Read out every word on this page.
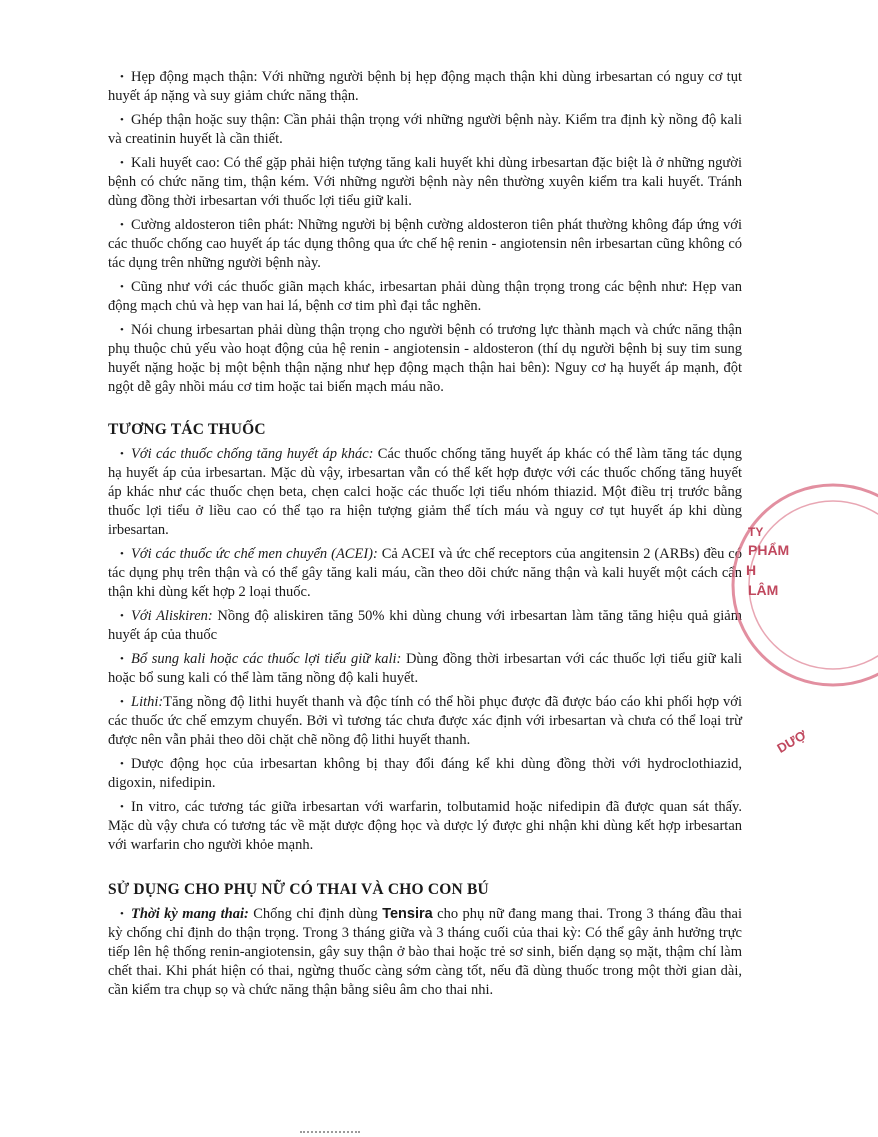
• Hẹp động mạch thận: Với những người bệnh bị hẹp động mạch thận khi dùng irbesartan có nguy cơ tụt huyết áp nặng và suy giảm chức năng thận.

• Ghép thận hoặc suy thận: Cần phải thận trọng với những người bệnh này. Kiểm tra định kỳ nồng độ kali và creatinin huyết là cần thiết.

• Kali huyết cao: Có thể gặp phải hiện tượng tăng kali huyết khi dùng irbesartan đặc biệt là ở những người bệnh có chức năng tim, thận kém. Với những người bệnh này nên thường xuyên kiểm tra kali huyết. Tránh dùng đồng thời irbesartan với thuốc lợi tiểu giữ kali.

• Cường aldosteron tiên phát: Những người bị bệnh cường aldosteron tiên phát thường không đáp ứng với các thuốc chống cao huyết áp tác dụng thông qua ức chế hệ renin - angiotensin nên irbesartan cũng không có tác dụng trên những người bệnh này.

• Cũng như với các thuốc giãn mạch khác, irbesartan phải dùng thận trọng trong các bệnh như: Hẹp van động mạch chủ và hẹp van hai lá, bệnh cơ tim phì đại tắc nghẽn.

• Nói chung irbesartan phải dùng thận trọng cho người bệnh có trương lực thành mạch và chức năng thận phụ thuộc chủ yếu vào hoạt động của hệ renin - angiotensin - aldosteron (thí dụ người bệnh bị suy tim sung huyết nặng hoặc bị một bệnh thận nặng như hẹp động mạch thận hai bên): Nguy cơ hạ huyết áp mạnh, đột ngột dễ gây nhồi máu cơ tim hoặc tai biến mạch máu não.

TƯƠNG TÁC THUỐC

• Với các thuốc chống tăng huyết áp khác: Các thuốc chống tăng huyết áp khác có thể làm tăng tác dụng hạ huyết áp của irbesartan. Mặc dù vậy, irbesartan vẫn có thể kết hợp được với các thuốc chống tăng huyết áp khác như các thuốc chẹn beta, chẹn calci hoặc các thuốc lợi tiểu nhóm thiazid. Một điều trị trước bằng thuốc lợi tiểu ở liều cao có thể tạo ra hiện tượng giảm thể tích máu và nguy cơ tụt huyết áp khi dùng irbesartan.

• Với các thuốc ức chế men chuyển (ACEI): Cả ACEI và ức chế receptors của angitensin 2 (ARBs) đều có tác dụng phụ trên thận và có thể gây tăng kali máu, cần theo dõi chức năng thận và kali huyết một cách cẩn thận khi dùng kết hợp 2 loại thuốc.

• Với Aliskiren: Nồng độ aliskiren tăng 50% khi dùng chung với irbesartan làm tăng tăng hiệu quả giảm huyết áp của thuốc

• Bổ sung kali hoặc các thuốc lợi tiểu giữ kali: Dùng đồng thời irbesartan với các thuốc lợi tiểu giữ kali hoặc bổ sung kali có thể làm tăng nồng độ kali huyết.

• Lithi:Tăng nồng độ lithi huyết thanh và độc tính có thể hồi phục được đã được báo cáo khi phối hợp với các thuốc ức chế emzym chuyển. Bởi vì tương tác chưa được xác định với irbesartan và chưa có thể loại trừ được nên vẫn phải theo dõi chặt chẽ nồng độ lithi huyết thanh.

• Dược động học của irbesartan không bị thay đổi đáng kể khi dùng đồng thời với hydroclothiazid, digoxin, nifedipin.

• In vitro, các tương tác giữa irbesartan với warfarin, tolbutamid hoặc nifedipin đã được quan sát thấy. Mặc dù vậy chưa có tương tác về mặt dược động học và dược lý được ghi nhận khi dùng kết hợp irbesartan với warfarin cho người khỏe mạnh.

SỬ DỤNG CHO PHỤ NỮ CÓ THAI VÀ CHO CON BÚ

• Thời kỳ mang thai: Chống chỉ định dùng Tensira cho phụ nữ đang mang thai. Trong 3 tháng đầu thai kỳ chống chỉ định do thận trọng. Trong 3 tháng giữa và 3 tháng cuối của thai kỳ: Có thể gây ảnh hưởng trực tiếp lên hệ thống renin-angiotensin, gây suy thận ở bào thai hoặc trẻ sơ sinh, biến dạng sọ mặt, thậm chí làm chết thai. Khi phát hiện có thai, ngừng thuốc càng sớm càng tốt, nếu đã dùng thuốc trong một thời gian dài, cần kiểm tra chụp sọ và chức năng thận bằng siêu âm cho thai nhi.

TY
H
PHẨM
LÂM
DƯỢ
